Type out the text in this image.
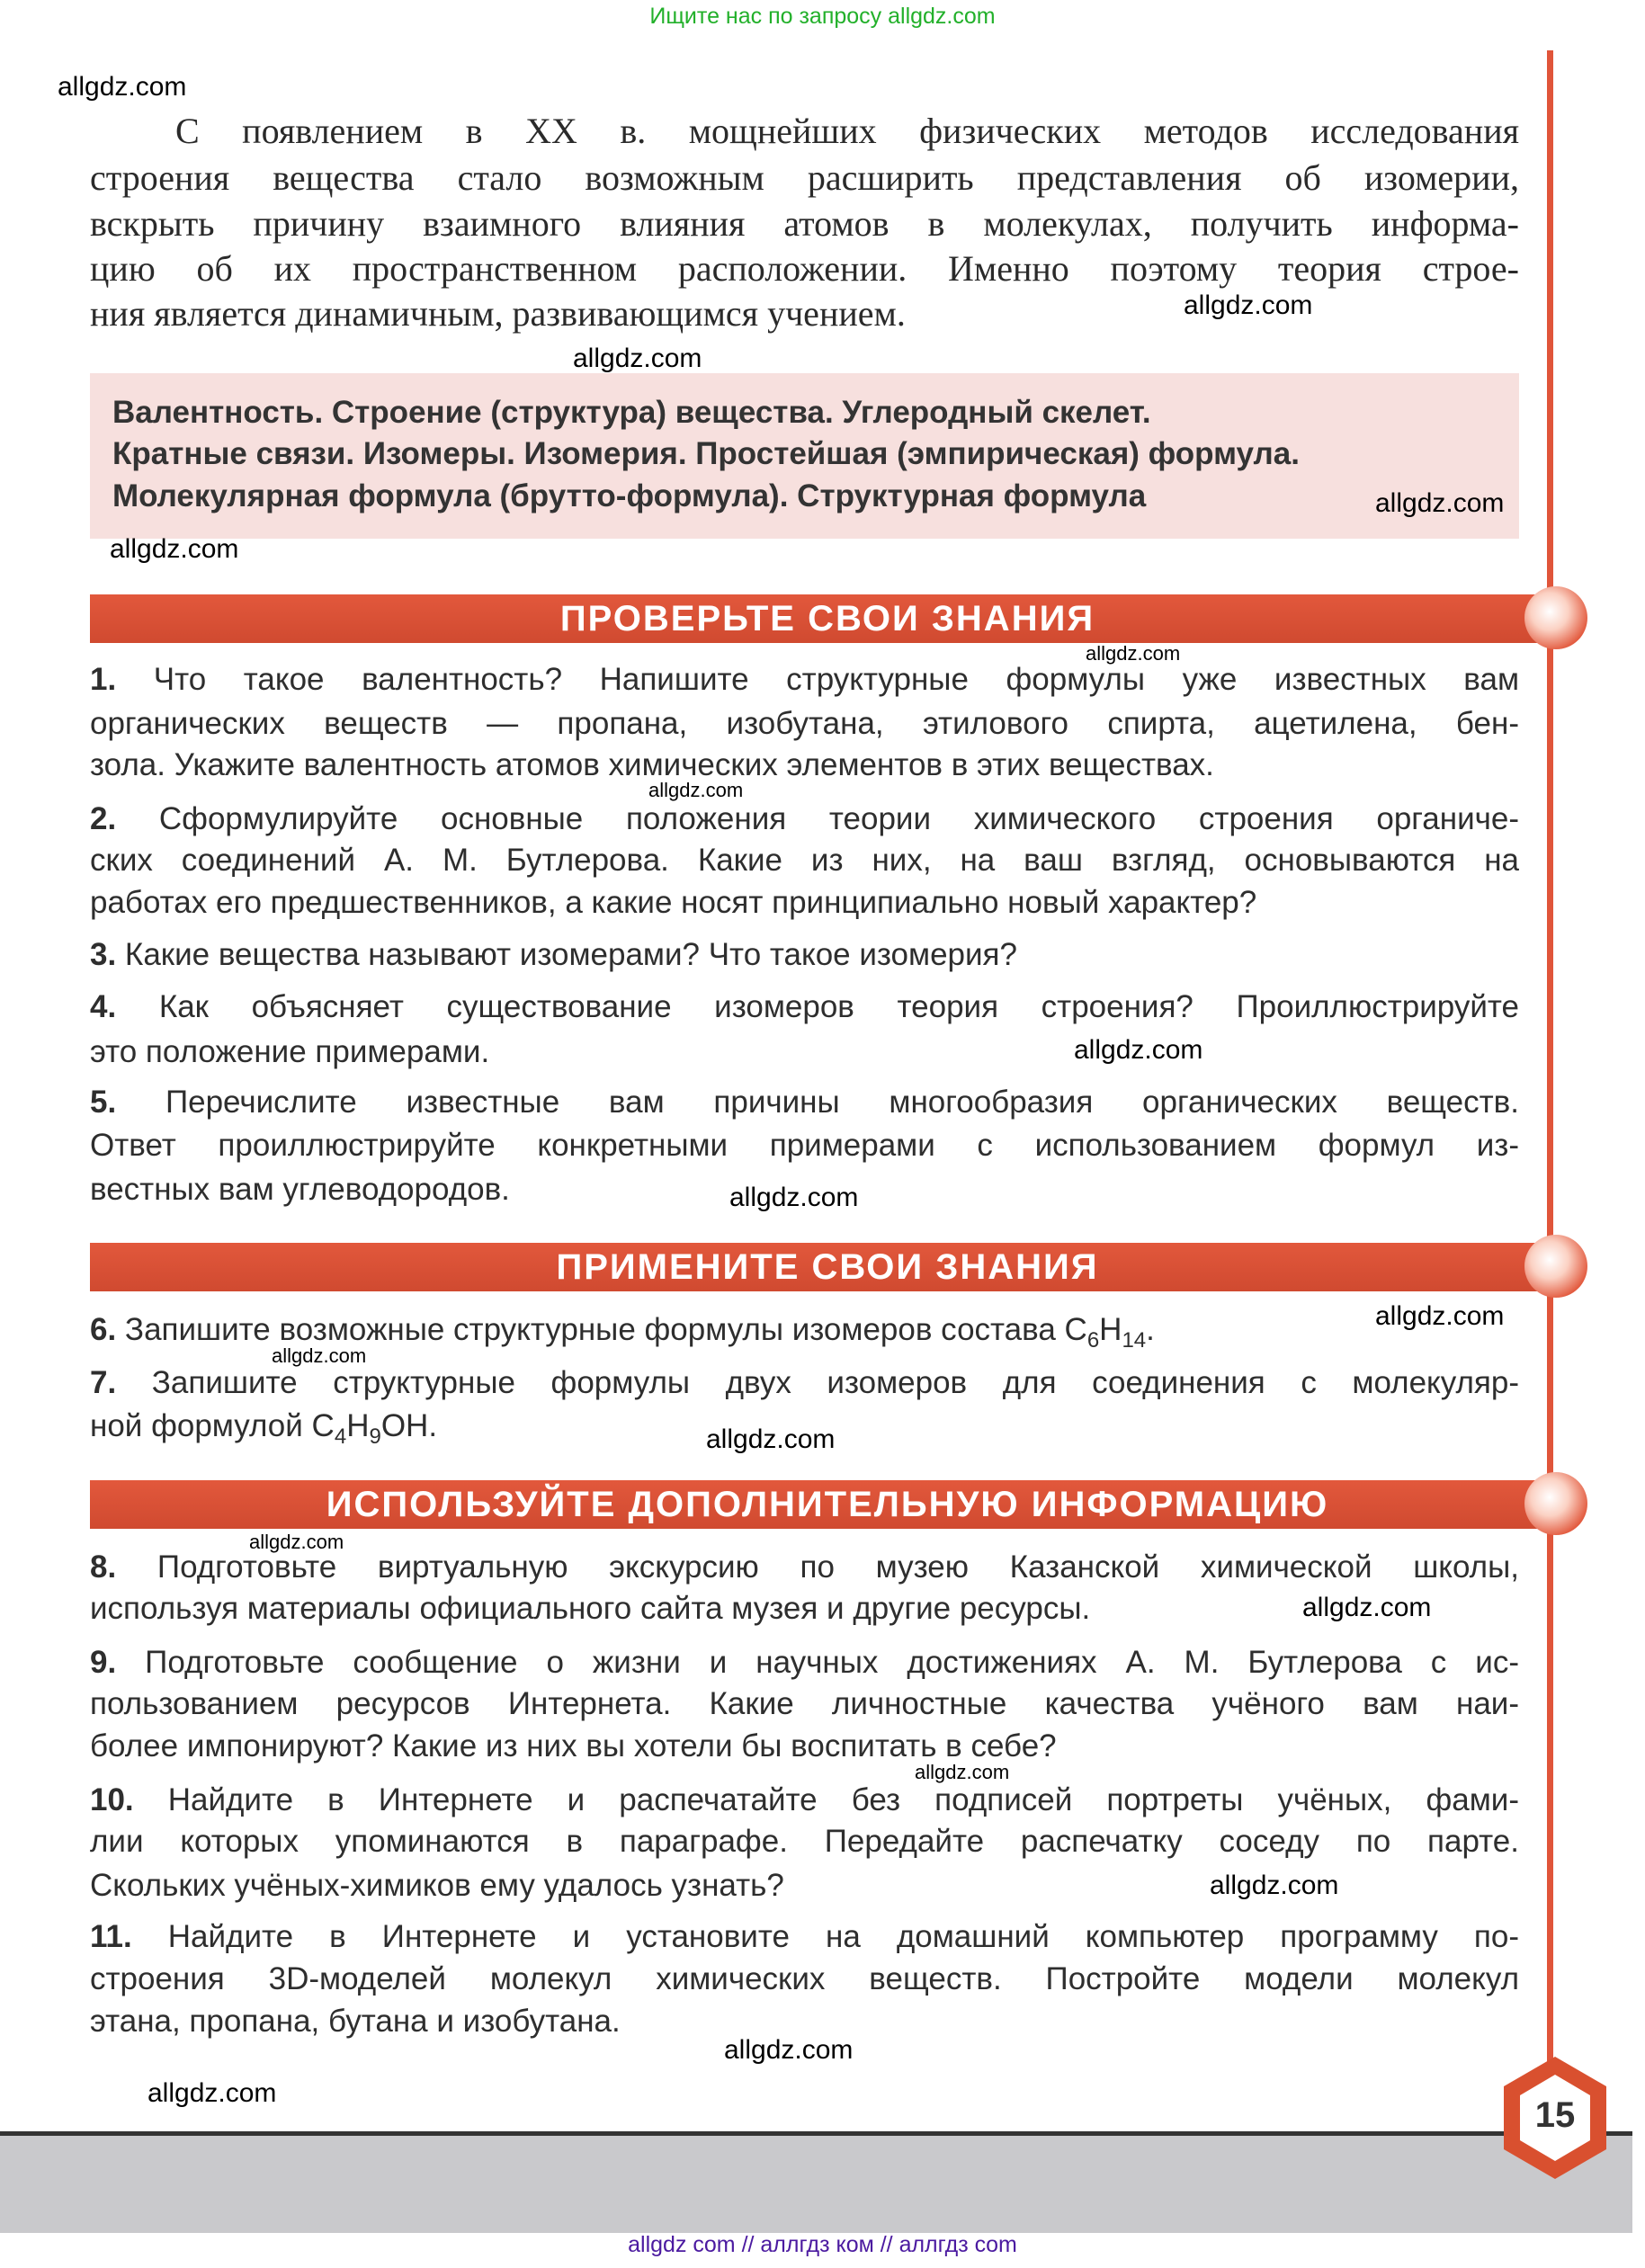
Ищите нас по запросу allgdz.com
С появлением в XX в. мощнейших физических методов исследования
строения вещества стало возможным расширить представления об изомерии,
вскрыть причину взаимного влияния атомов в молекулах, получить информа-
цию об их пространственном расположении. Именно поэтому теория строе-
ния является динамичным, развивающимся учением.
Валентность. Строение (структура) вещества. Углеродный скелет.
Кратные связи. Изомеры. Изомерия. Простейшая (эмпирическая) формула.
Молекулярная формула (брутто-формула). Структурная формула
ПРОВЕРЬТЕ СВОИ ЗНАНИЯ
ПРИМЕНИТЕ СВОИ ЗНАНИЯ
ИСПОЛЬЗУЙТЕ ДОПОЛНИТЕЛЬНУЮ ИНФОРМАЦИЮ
1. Что такое валентность? Напишите структурные формулы уже известных вам
органических веществ — пропана, изобутана, этилового спирта, ацетилена, бен-
зола. Укажите валентность атомов химических элементов в этих веществах.
2. Сформулируйте основные положения теории химического строения органиче-
ских соединений А. М. Бутлерова. Какие из них, на ваш взгляд, основываются на
работах его предшественников, а какие носят принципиально новый характер?
3. Какие вещества называют изомерами? Что такое изомерия?
4. Как объясняет существование изомеров теория строения? Проиллюстрируйте
это положение примерами.
5. Перечислите известные вам причины многообразия органических веществ.
Ответ проиллюстрируйте конкретными примерами с использованием формул из-
вестных вам углеводородов.
6. Запишите возможные структурные формулы изомеров состава $C_6H_{14}$.
7. Запишите структурные формулы двух изомеров для соединения с молекуляр-
ной формулой $C_4H_9OH$.
8. Подготовьте виртуальную экскурсию по музею Казанской химической школы,
используя материалы официального сайта музея и другие ресурсы.
9. Подготовьте сообщение о жизни и научных достижениях А. М. Бутлерова с ис-
пользованием ресурсов Интернета. Какие личностные качества учёного вам наи-
более импонируют? Какие из них вы хотели бы воспитать в себе?
10. Найдите в Интернете и распечатайте без подписей портреты учёных, фами-
лии которых упоминаются в параграфе. Передайте распечатку соседу по парте.
Скольких учёных-химиков ему удалось узнать?
11. Найдите в Интернете и установите на домашний компьютер программу по-
строения 3D-моделей молекул химических веществ. Постройте модели молекул
этана, пропана, бутана и изобутана.
15
allgdz.com
allgdz.com
allgdz.com
allgdz.com
allgdz.com
allgdz.com
allgdz.com
allgdz.com
allgdz.com
allgdz.com
allgdz.com
allgdz.com
allgdz.com
allgdz.com
allgdz.com
allgdz.com
allgdz.com
allgdz.com
allgdz com // аллгдз ком // аллгдз com
